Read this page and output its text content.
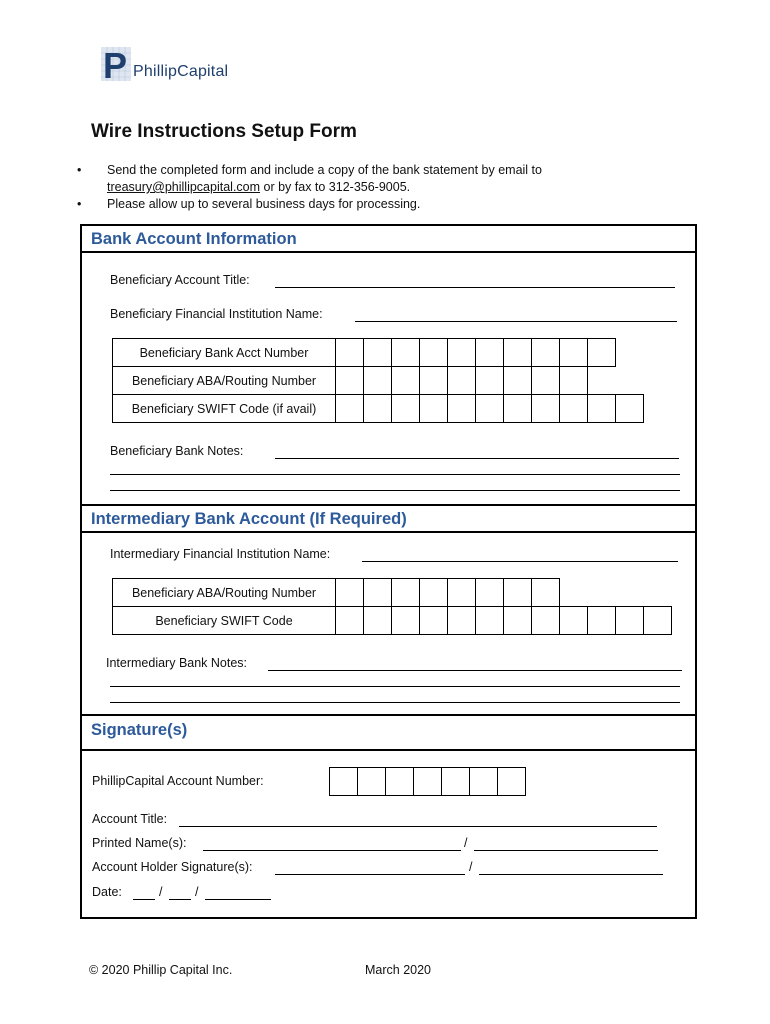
P PhillipCapital
Wire Instructions Setup Form
• Send the completed form and include a copy of the bank statement by email to
treasury@phillipcapital.com or by fax to 312-356-9005.
• Please allow up to several business days for processing.
Bank Account Information
Beneficiary Account Title:
Beneficiary Financial Institution Name:
Beneficiary Bank Acct Number											
Beneficiary ABA/Routing Number											
Beneficiary SWIFT Code (if avail)											
Beneficiary Bank Notes:
Intermediary Bank Account (If Required)
Intermediary Financial Institution Name:
Beneficiary ABA/Routing Number												
Beneficiary SWIFT Code												
Intermediary Bank Notes:
Signature(s)
PhillipCapital Account Number:

Account Title:
Printed Name(s):	/
Account Holder Signature(s):	/
Date:	/	/
© 2020 Phillip Capital Inc.	March 2020
